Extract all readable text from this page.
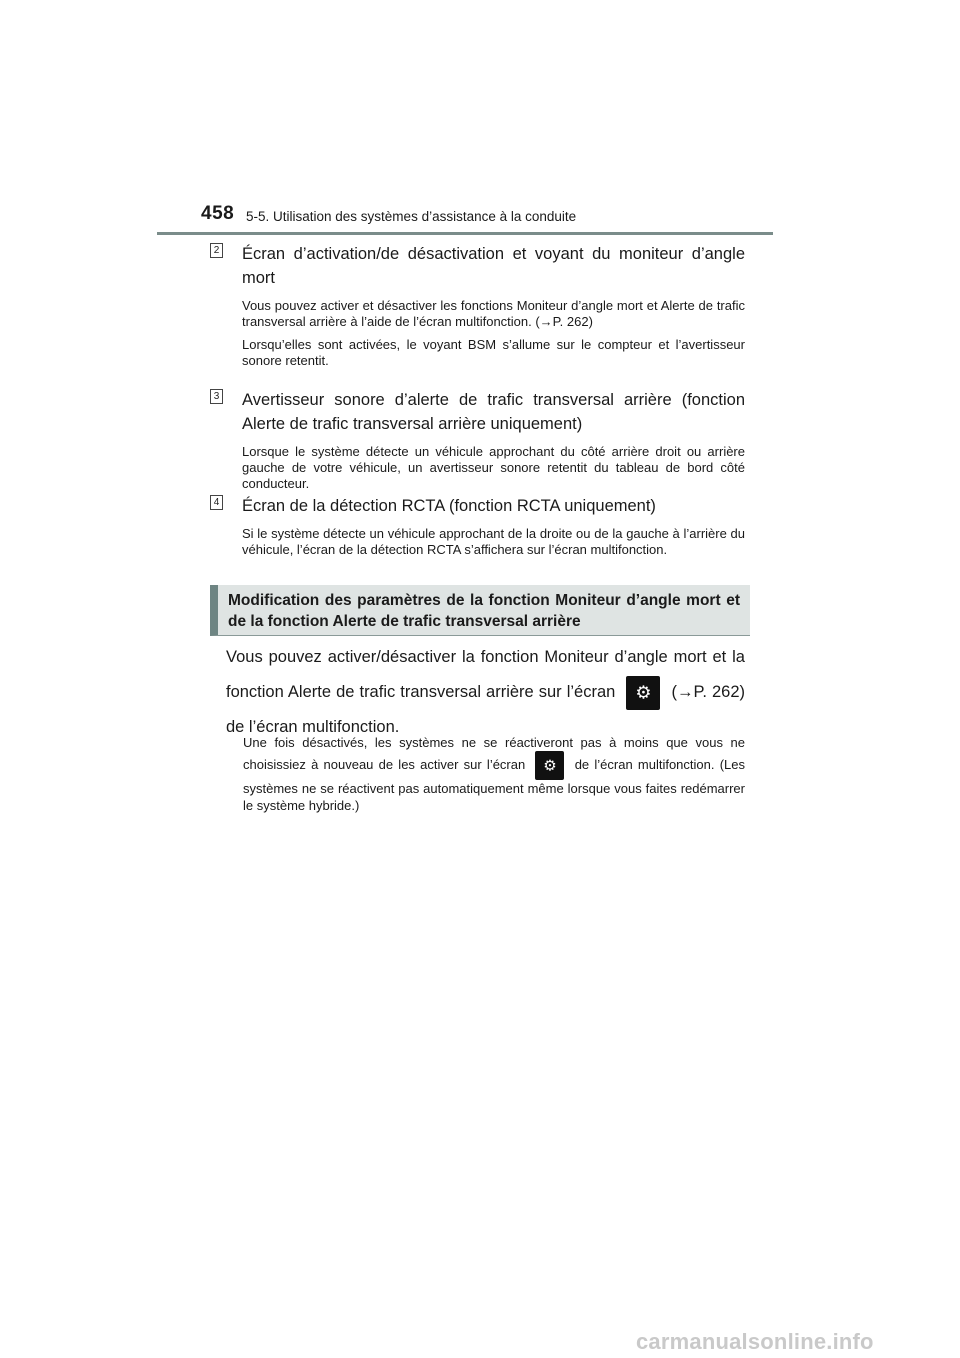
458 5-5. Utilisation des systèmes d’assistance à la conduite
2 Écran d’activation/de désactivation et voyant du moniteur d’angle mort

Vous pouvez activer et désactiver les fonctions Moniteur d’angle mort et Alerte de trafic transversal arrière à l’aide de l’écran multifonction. (→P. 262)

Lorsqu’elles sont activées, le voyant BSM s’allume sur le compteur et l’avertisseur sonore retentit.

3 Avertisseur sonore d’alerte de trafic transversal arrière (fonction Alerte de trafic transversal arrière uniquement)

Lorsque le système détecte un véhicule approchant du côté arrière droit ou arrière gauche de votre véhicule, un avertisseur sonore retentit du tableau de bord côté conducteur.

4 Écran de la détection RCTA (fonction RCTA uniquement)

Si le système détecte un véhicule approchant de la droite ou de la gauche à l’arrière du véhicule, l’écran de la détection RCTA s’affichera sur l’écran multifonction.

Modification des paramètres de la fonction Moniteur d’angle mort et de la fonction Alerte de trafic transversal arrière
Vous pouvez activer/désactiver la fonction Moniteur d’angle mort et la fonction Alerte de trafic transversal arrière sur l’écran	⚙	(→P. 262) de l’écran multifonction.
Une fois désactivés, les systèmes ne se réactiveront pas à moins que vous ne choisissiez à nouveau de les activer sur l’écran	⚙	de l’écran multifonction. (Les systèmes ne se réactivent pas automatiquement même lorsque vous faites redémarrer le système hybride.)
carmanualsonline.info
